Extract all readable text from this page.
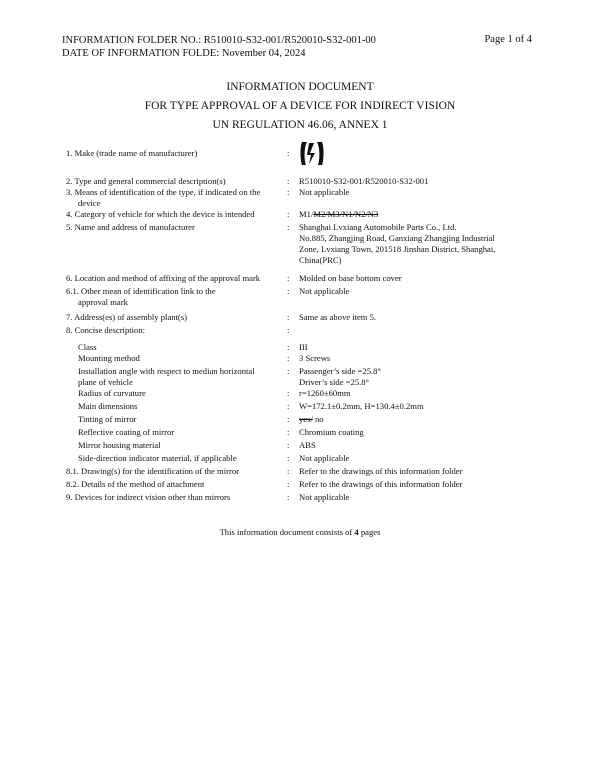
INFORMATION FOLDER NO.: R510010-S32-001/R520010-S32-001-00
DATE OF INFORMATION FOLDE: November 04, 2024
Page 1 of 4
INFORMATION DOCUMENT
FOR TYPE APPROVAL OF A DEVICE FOR INDIRECT VISION
UN REGULATION 46.06, ANNEX 1
1. Make (trade name of manufacturer)	:
2. Type and general commercial description(s)	: R510010-S32-001/R520010-S32-001
3. Means of identification of the type, if indicated on the
device
: Not applicable
4. Category of vehicle for which the device is intended	: M1/M2/M3/N1/N2/N3
5. Name and address of manufacturer	: Shanghai Lvxiang Automobile Parts Co., Ltd.
No.885, Zhangjing Road, Ganxiang Zhangjing Industrial
Zone, Lvxiang Town, 201518 Jinshan District, Shanghai,
China(PRC)
6. Location and method of affixing of the approval mark	: Molded on base bottom cover
6.1. Other mean of identification link to the
approval mark
: Not applicable
7. Address(es) of assembly plant(s)	: Same as above item 5.
8. Concise description:	:
Class	: III
Mounting method	: 3 Screws
Installation angle with respect to median horizontal
plane of vehicle
: Passenger’s side =25.8°
Driver’s side =25.8°
Radius of curvature	: r=1260±60mm
Main dimensions	: W=172.1±0.2mm, H=130.4±0.2mm
Tinting of mirror	: yes/ no
Reflective coating of mirror	: Chromium coating
Mirror housing material	: ABS
Side-direction indicator material, if applicable	: Not applicable
8.1. Drawing(s) for the identification of the mirror	: Refer to the drawings of this information folder
8.2. Details of the method of attachment	: Refer to the drawings of this information folder
9. Devices for indirect vision other than mirrors	: Not applicable
This information document consists of 4 pages
